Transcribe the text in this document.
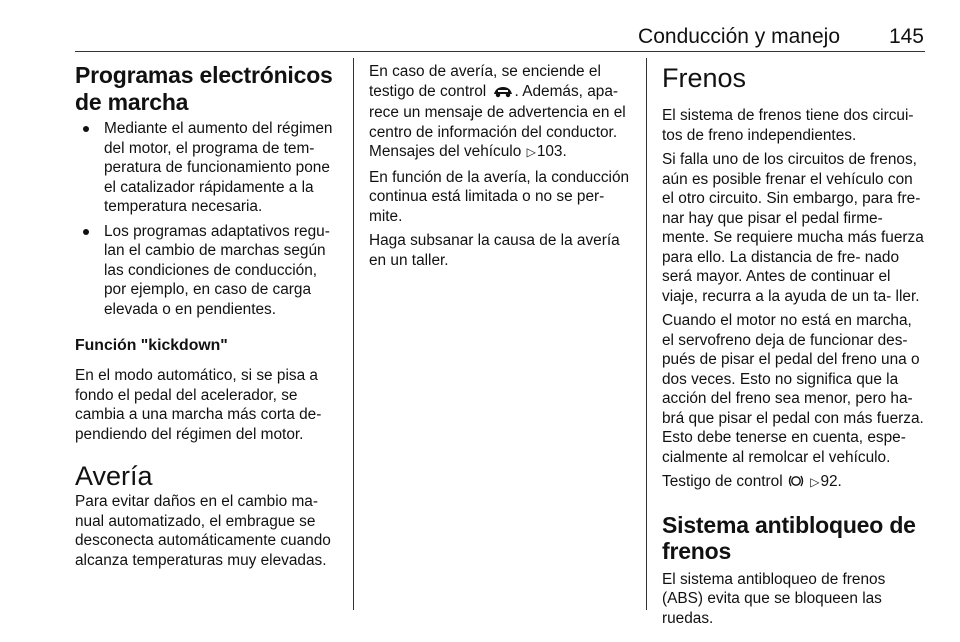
Conducción y manejo	145
Programas electrónicos de marcha
Mediante el aumento del régimen del motor, el programa de tem- peratura de funcionamiento pone el catalizador rápidamente a la temperatura necesaria.
Los programas adaptativos regu- lan el cambio de marchas según las condiciones de conducción, por ejemplo, en caso de carga elevada o en pendientes.
Función "kickdown"

En el modo automático, si se pisa a fondo el pedal del acelerador, se cambia a una marcha más corta de- pendiendo del régimen del motor.

Avería

Para evitar daños en el cambio ma- nual automatizado, el embrague se desconecta automáticamente cuando alcanza temperaturas muy elevadas.

En caso de avería, se enciende el testigo de control . Además, apa- rece un mensaje de advertencia en el centro de información del conductor. Mensajes del vehículo ▷103.

En función de la avería, la conducción continua está limitada o no se per- mite.

Haga subsanar la causa de la avería en un taller.

Frenos

El sistema de frenos tiene dos circui- tos de freno independientes.

Si falla uno de los circuitos de frenos, aún es posible frenar el vehículo con el otro circuito. Sin embargo, para fre- nar hay que pisar el pedal firme- mente. Se requiere mucha más fuerza para ello. La distancia de fre- nado será mayor. Antes de continuar el viaje, recurra a la ayuda de un ta- ller.

Cuando el motor no está en marcha, el servofreno deja de funcionar des- pués de pisar el pedal del freno una o dos veces. Esto no significa que la acción del freno sea menor, pero ha- brá que pisar el pedal con más fuerza. Esto debe tenerse en cuenta, espe- cialmente al remolcar el vehículo.

Testigo de control ▷92.

Sistema antibloqueo de frenos

El sistema antibloqueo de frenos (ABS) evita que se bloqueen las ruedas.
